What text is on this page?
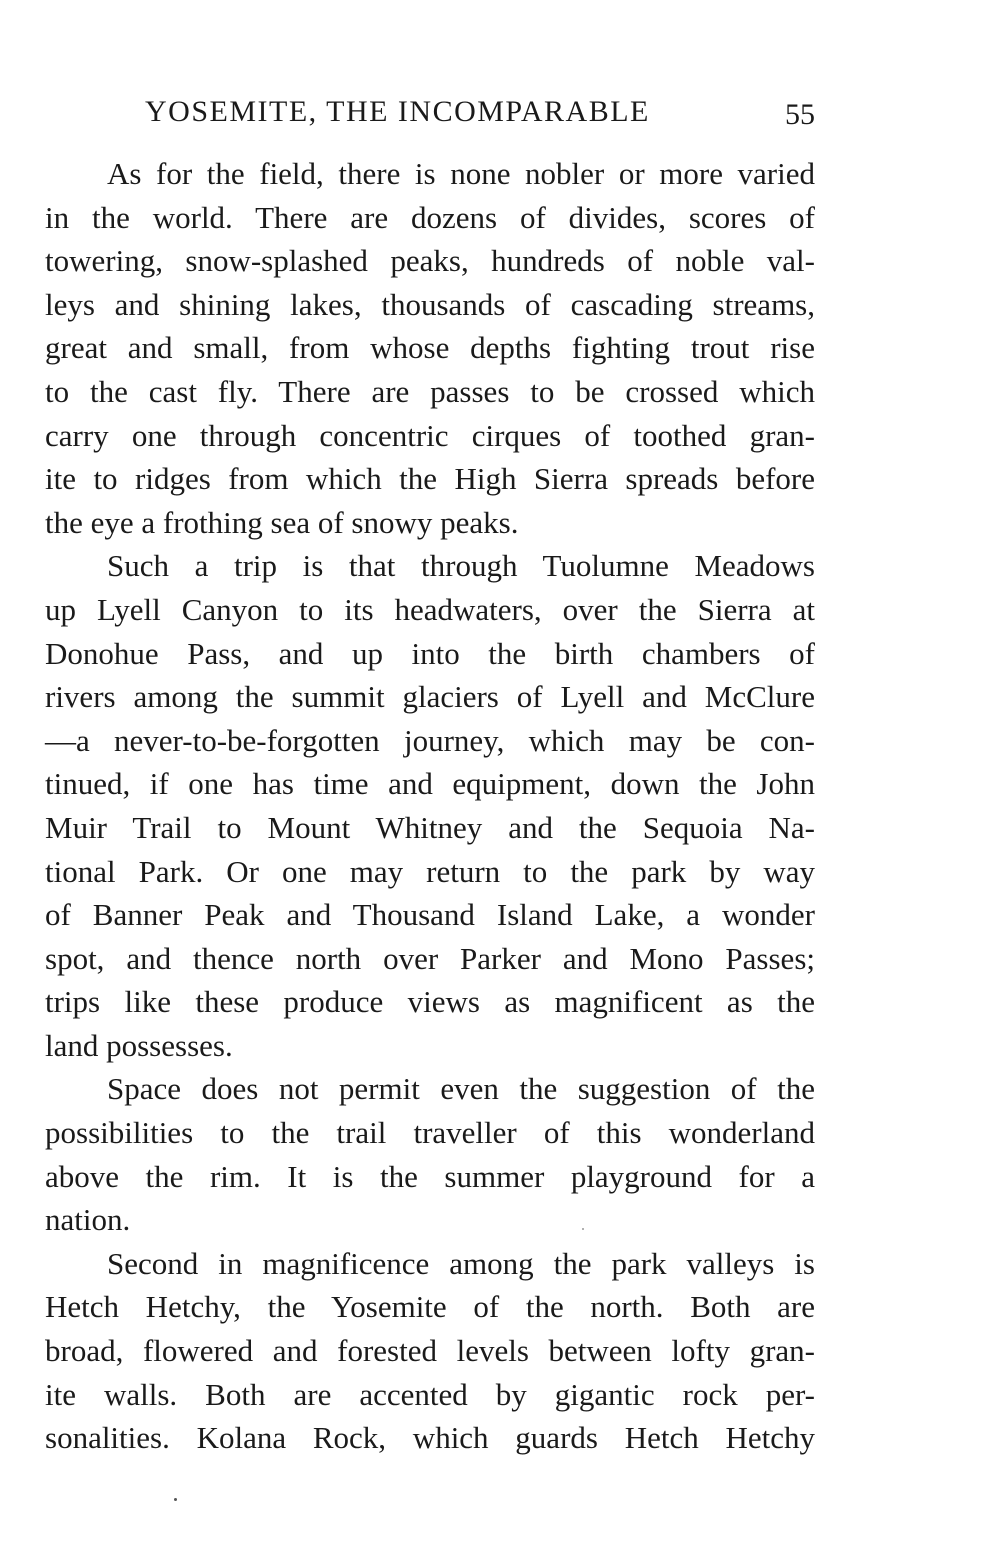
YOSEMITE, THE INCOMPARABLE	55
As for the field, there is none nobler or more varied
in the world. There are dozens of divides, scores of
towering, snow-splashed peaks, hundreds of noble val-
leys and shining lakes, thousands of cascading streams,
great and small, from whose depths fighting trout rise
to the cast fly. There are passes to be crossed which
carry one through concentric cirques of toothed gran-
ite to ridges from which the High Sierra spreads before
the eye a frothing sea of snowy peaks.
Such a trip is that through Tuolumne Meadows
up Lyell Canyon to its headwaters, over the Sierra at
Donohue Pass, and up into the birth chambers of
rivers among the summit glaciers of Lyell and McClure
—a never-to-be-forgotten journey, which may be con-
tinued, if one has time and equipment, down the John
Muir Trail to Mount Whitney and the Sequoia Na-
tional Park. Or one may return to the park by way
of Banner Peak and Thousand Island Lake, a wonder
spot, and thence north over Parker and Mono Passes;
trips like these produce views as magnificent as the
land possesses.
Space does not permit even the suggestion of the
possibilities to the trail traveller of this wonderland
above the rim. It is the summer playground for a
nation.
Second in magnificence among the park valleys is
Hetch Hetchy, the Yosemite of the north. Both are
broad, flowered and forested levels between lofty gran-
ite walls. Both are accented by gigantic rock per-
sonalities. Kolana Rock, which guards Hetch Hetchy
